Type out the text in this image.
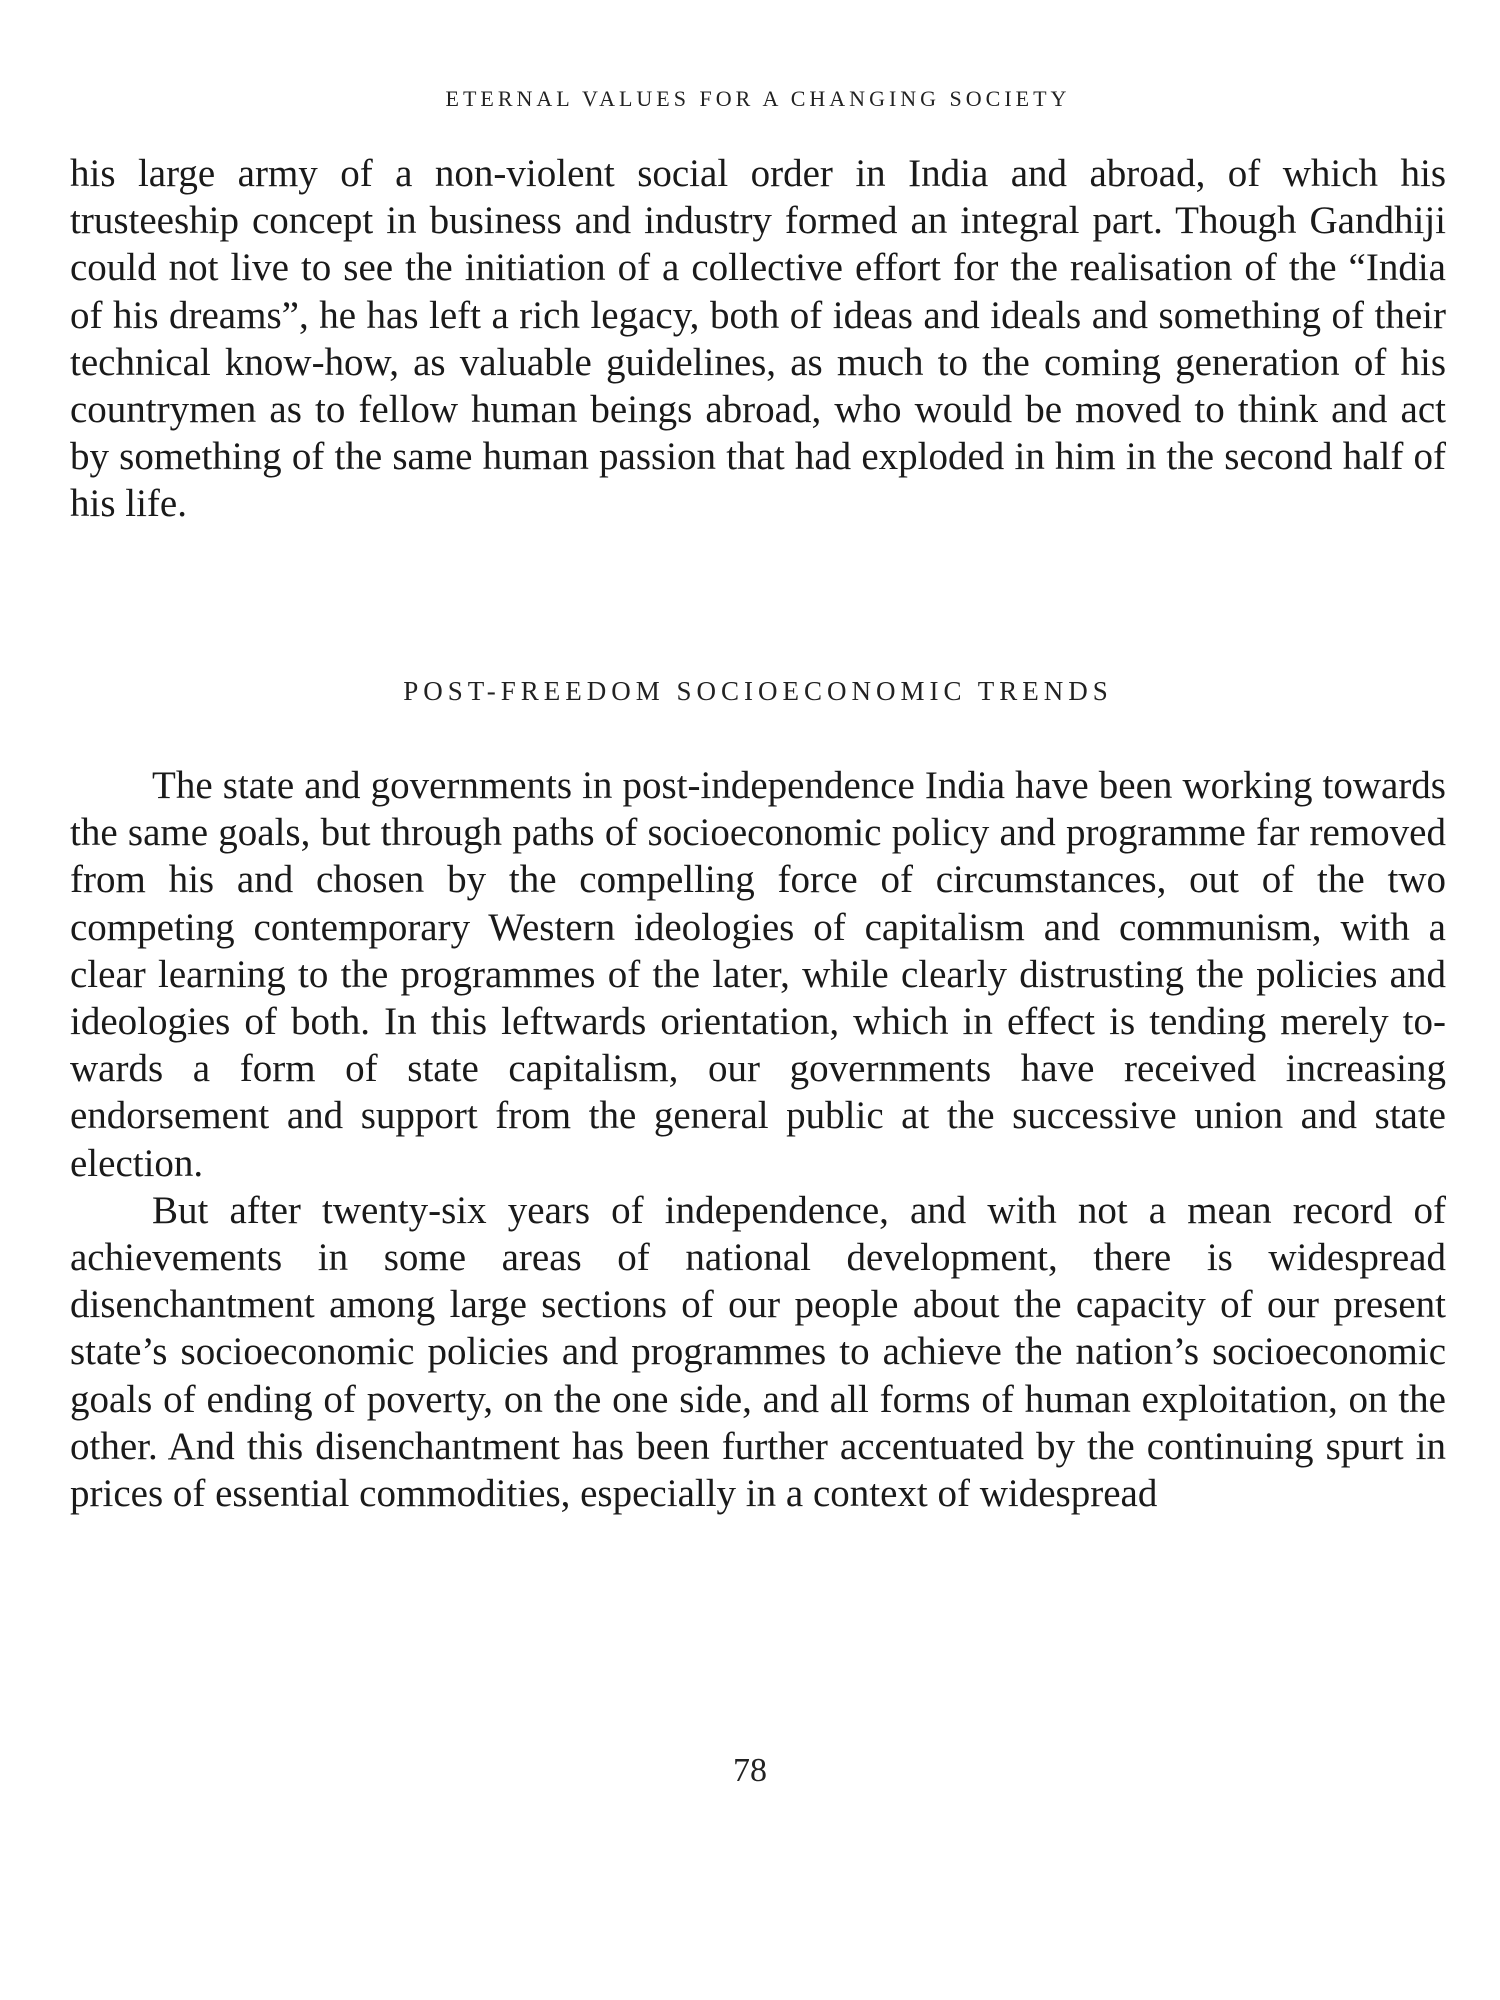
ETERNAL VALUES FOR A CHANGING SOCIETY

his large army of a non-violent social order in India and abroad, of which his trusteeship concept in business and industry formed an integral part. Though Gandhiji could not live to see the initiation of a collective effort for the realisation of the “India of his dreams”, he has left a rich legacy, both of ideas and ideals and something of their technical know-how, as valuable guidelines, as much to the coming generation of his countrymen as to fellow human beings abroad, who would be moved to think and act by something of the same human passion that had exploded in him in the second half of his life.

POST-FREEDOM SOCIOECONOMIC TRENDS

The state and governments in post-independence India have been working towards the same goals, but through paths of socioeconomic policy and programme far removed from his and chosen by the compelling force of circumstances, out of the two competing contemporary Western ideologies of capitalism and communism, with a clear learning to the programmes of the later, while clearly distrusting the policies and ideologies of both. In this leftwards orientation, which in effect is tending merely towards a form of state capitalism, our governments have received increasing endorsement and support from the general public at the successive union and state election.

But after twenty-six years of independence, and with not a mean record of achievements in some areas of national development, there is widespread disenchantment among large sections of our people about the capacity of our present state’s socioeconomic policies and programmes to achieve the nation’s socioeconomic goals of ending of poverty, on the one side, and all forms of human exploitation, on the other. And this disenchantment has been further accentuated by the continuing spurt in prices of essential commodities, especially in a context of widespread

78
